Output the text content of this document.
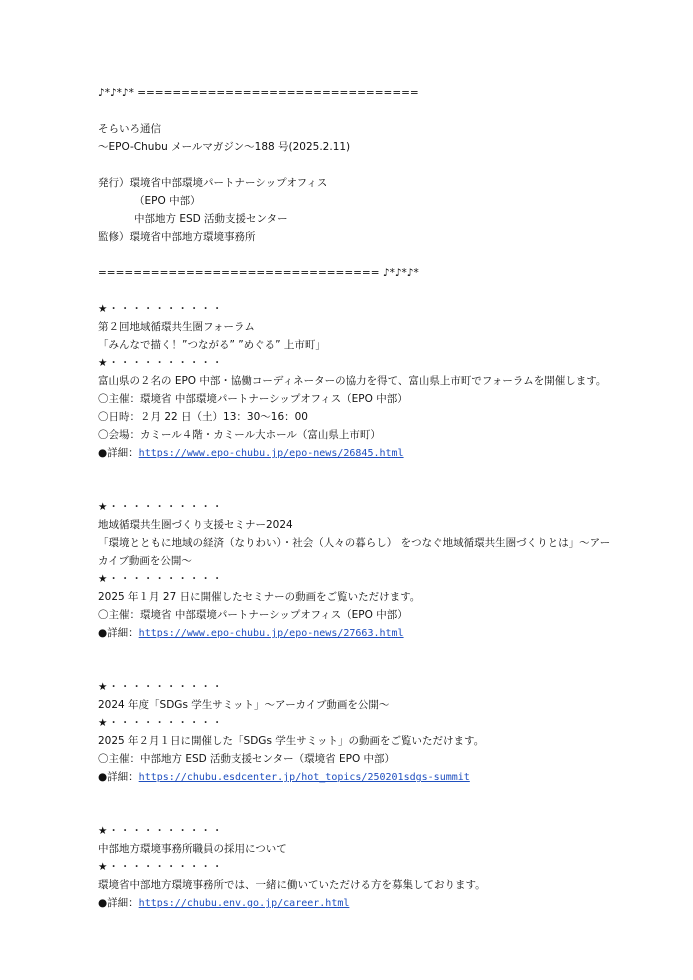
♪*♪*♪* ================================
そらいろ通信
〜EPO-Chubu メールマガジン〜188 号(2025.2.11)
発行）環境省中部環境パートナーシップオフィス
（EPO 中部）
中部地方 ESD 活動支援センター
監修）環境省中部地方環境事務所
================================ ♪*♪*♪*
★・・・・・・・・・・
第２回地域循環共生圏フォーラム
「みんなで描く！”つながる” ”めぐる” 上市町」
★・・・・・・・・・・
富山県の２名の EPO 中部・協働コーディネーターの協力を得て、富山県上市町でフォーラムを開催します。
〇主催：環境省 中部環境パートナーシップオフィス（EPO 中部）
〇日時：２月 22 日（土）13：30〜16：00
〇会場：カミール４階・カミール大ホール（富山県上市町）
●詳細：https://www.epo-chubu.jp/epo-news/26845.html
★・・・・・・・・・・
地域循環共生圏づくり支援セミナー2024
「環境とともに地域の経済（なりわい）・社会（人々の暮らし） をつなぐ地域循環共生圏づくりとは」〜アーカイブ動画を公開〜
★・・・・・・・・・・
2025 年１月 27 日に開催したセミナーの動画をご覧いただけます。
〇主催：環境省 中部環境パートナーシップオフィス（EPO 中部）
●詳細：https://www.epo-chubu.jp/epo-news/27663.html
★・・・・・・・・・・
2024 年度「SDGs 学生サミット」〜アーカイブ動画を公開〜
★・・・・・・・・・・
2025 年２月１日に開催した「SDGs 学生サミット」の動画をご覧いただけます。
〇主催：中部地方 ESD 活動支援センター（環境省 EPO 中部）
●詳細：https://chubu.esdcenter.jp/hot_topics/250201sdgs-summit
★・・・・・・・・・・
中部地方環境事務所職員の採用について
★・・・・・・・・・・
環境省中部地方環境事務所では、一緒に働いていただける方を募集しております。
●詳細：https://chubu.env.go.jp/career.html
